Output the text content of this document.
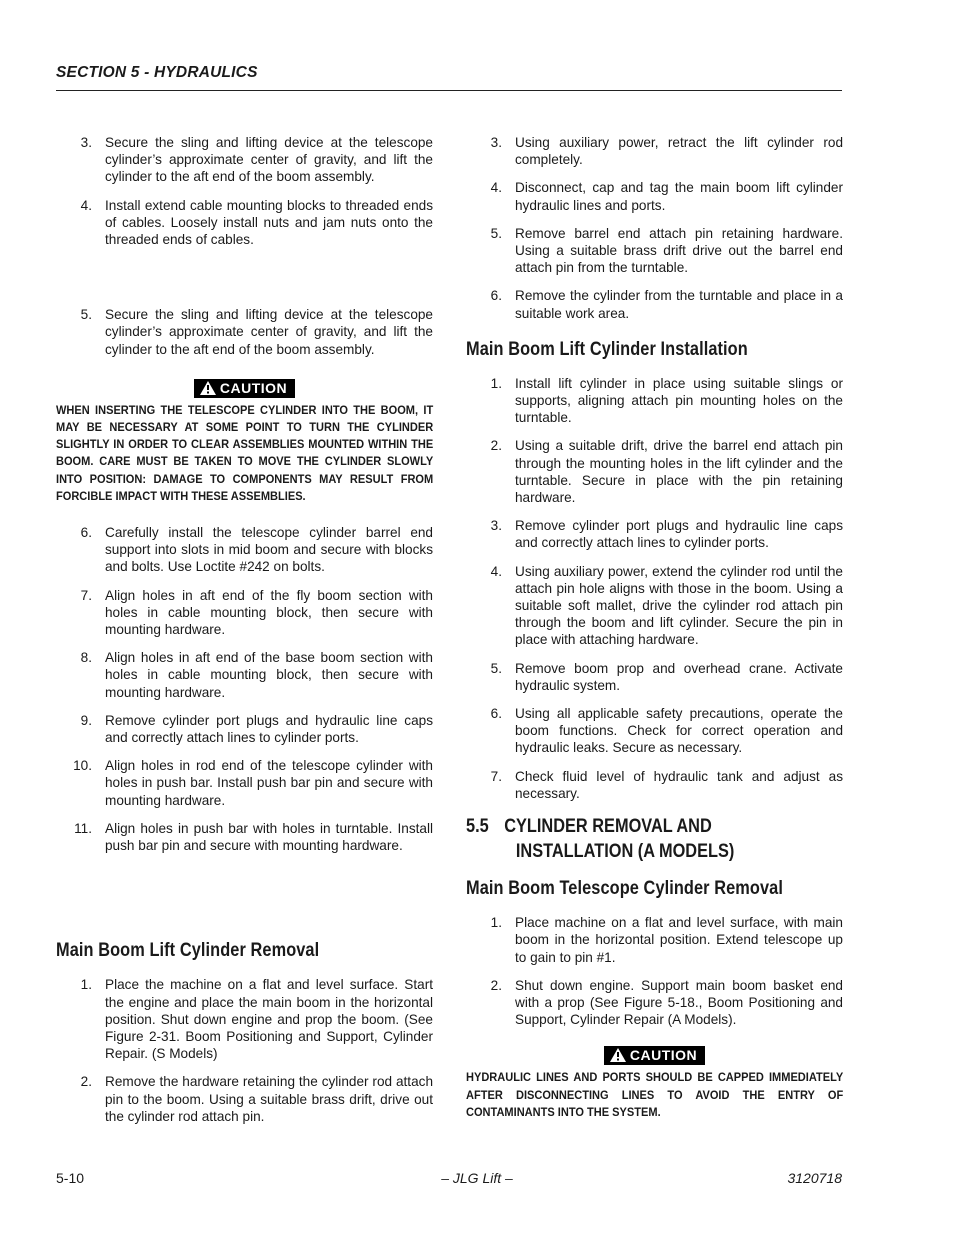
SECTION 5 - HYDRAULICS
3. Secure the sling and lifting device at the telescope cylinder’s approximate center of gravity, and lift the cylinder to the aft end of the boom assembly.
4. Install extend cable mounting blocks to threaded ends of cables. Loosely install nuts and jam nuts onto the threaded ends of cables.
5. Secure the sling and lifting device at the telescope cylinder’s approximate center of gravity, and lift the cylinder to the aft end of the boom assembly.
CAUTION
WHEN INSERTING THE TELESCOPE CYLINDER INTO THE BOOM, IT MAY BE NECESSARY AT SOME POINT TO TURN THE CYLINDER SLIGHTLY IN ORDER TO CLEAR ASSEMBLIES MOUNTED WITHIN THE BOOM. CARE MUST BE TAKEN TO MOVE THE CYLINDER SLOWLY INTO POSITION: DAMAGE TO COMPONENTS MAY RESULT FROM FORCIBLE IMPACT WITH THESE ASSEMBLIES.
6. Carefully install the telescope cylinder barrel end support into slots in mid boom and secure with blocks and bolts. Use Loctite #242 on bolts.
7. Align holes in aft end of the fly boom section with holes in cable mounting block, then secure with mounting hardware.
8. Align holes in aft end of the base boom section with holes in cable mounting block, then secure with mounting hardware.
9. Remove cylinder port plugs and hydraulic line caps and correctly attach lines to cylinder ports.
10. Align holes in rod end of the telescope cylinder with holes in push bar. Install push bar pin and secure with mounting hardware.
11. Align holes in push bar with holes in turntable. Install push bar pin and secure with mounting hardware.
Main Boom Lift Cylinder Removal
1. Place the machine on a flat and level surface. Start the engine and place the main boom in the horizontal position. Shut down engine and prop the boom. (See Figure 2-31. Boom Positioning and Support, Cylinder Repair. (S Models)
2. Remove the hardware retaining the cylinder rod attach pin to the boom. Using a suitable brass drift, drive out the cylinder rod attach pin.
3. Using auxiliary power, retract the lift cylinder rod completely.
4. Disconnect, cap and tag the main boom lift cylinder hydraulic lines and ports.
5. Remove barrel end attach pin retaining hardware. Using a suitable brass drift drive out the barrel end attach pin from the turntable.
6. Remove the cylinder from the turntable and place in a suitable work area.
Main Boom Lift Cylinder Installation
1. Install lift cylinder in place using suitable slings or supports, aligning attach pin mounting holes on the turntable.
2. Using a suitable drift, drive the barrel end attach pin through the mounting holes in the lift cylinder and the turntable. Secure in place with the pin retaining hardware.
3. Remove cylinder port plugs and hydraulic line caps and correctly attach lines to cylinder ports.
4. Using auxiliary power, extend the cylinder rod until the attach pin hole aligns with those in the boom. Using a suitable soft mallet, drive the cylinder rod attach pin through the boom and lift cylinder. Secure the pin in place with attaching hardware.
5. Remove boom prop and overhead crane. Activate hydraulic system.
6. Using all applicable safety precautions, operate the boom functions. Check for correct operation and hydraulic leaks. Secure as necessary.
7. Check fluid level of hydraulic tank and adjust as necessary.
5.5 CYLINDER REMOVAL AND
INSTALLATION (A MODELS)
Main Boom Telescope Cylinder Removal
1. Place machine on a flat and level surface, with main boom in the horizontal position. Extend telescope up to gain to pin #1.
2. Shut down engine. Support main boom basket end with a prop (See Figure 5-18., Boom Positioning and Support, Cylinder Repair (A Models).
CAUTION
HYDRAULIC LINES AND PORTS SHOULD BE CAPPED IMMEDIATELY AFTER DISCONNECTING LINES TO AVOID THE ENTRY OF CONTAMINANTS INTO THE SYSTEM.
5-10	– JLG Lift –	3120718
